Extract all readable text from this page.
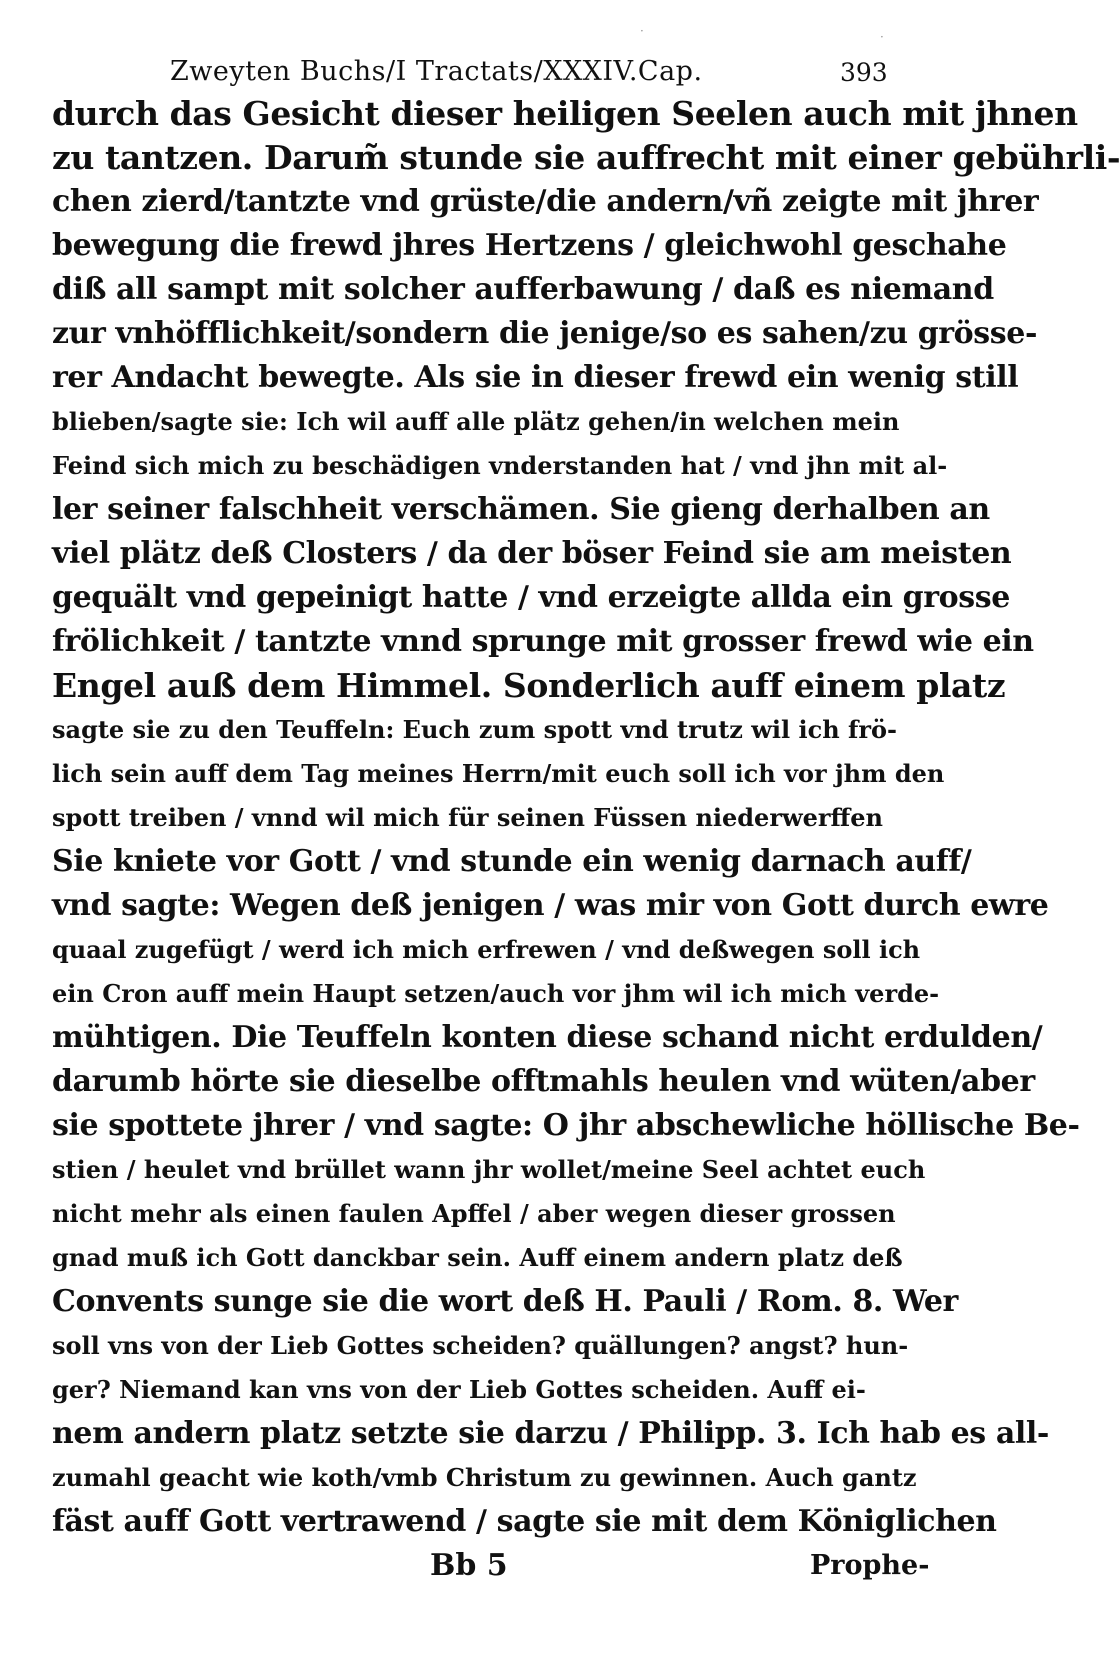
Zweyten Buchs/I Tractats/XXXIV.Cap.	393
durch das Gesicht dieser heiligen Seelen auch mit jhnen
zu tantzen. Darum̃ stunde sie auffrecht mit einer gebührli-
chen zierd/tantzte vnd grüste/die andern/vñ zeigte mit jhrer
bewegung die frewd jhres Hertzens / gleichwohl geschahe
diß all sampt mit solcher aufferbawung / daß es niemand
zur vnhöfflichkeit/sondern die jenige/so es sahen/zu grösse-
rer Andacht bewegte. Als sie in dieser frewd ein wenig still
blieben/sagte sie: Ich wil auff alle plätz gehen/in welchen mein
Feind sich mich zu beschädigen vnderstanden hat / vnd jhn mit al-
ler seiner falschheit verschämen. Sie gieng derhalben an
viel plätz deß Closters / da der böser Feind sie am meisten
gequält vnd gepeinigt hatte / vnd erzeigte allda ein grosse
frölichkeit / tantzte vnnd sprunge mit grosser frewd wie ein
Engel auß dem Himmel. Sonderlich auff einem platz
sagte sie zu den Teuffeln: Euch zum spott vnd trutz wil ich frö-
lich sein auff dem Tag meines Herrn/mit euch soll ich vor jhm den
spott treiben / vnnd wil mich für seinen Füssen niederwerffen
Sie kniete vor Gott / vnd stunde ein wenig darnach auff/
vnd sagte: Wegen deß jenigen / was mir von Gott durch ewre
quaal zugefügt / werd ich mich erfrewen / vnd deßwegen soll ich
ein Cron auff mein Haupt setzen/auch vor jhm wil ich mich verde-
mühtigen. Die Teuffeln konten diese schand nicht erdulden/
darumb hörte sie dieselbe offtmahls heulen vnd wüten/aber
sie spottete jhrer / vnd sagte: O jhr abschewliche höllische Be-
stien / heulet vnd brüllet wann jhr wollet/meine Seel achtet euch
nicht mehr als einen faulen Apffel / aber wegen dieser grossen
gnad muß ich Gott danckbar sein. Auff einem andern platz deß
Convents sunge sie die wort deß H. Pauli / Rom. 8. Wer
soll vns von der Lieb Gottes scheiden? quällungen? angst? hun-
ger? Niemand kan vns von der Lieb Gottes scheiden. Auff ei-
nem andern platz setzte sie darzu / Philipp. 3. Ich hab es all-
zumahl geacht wie koth/vmb Christum zu gewinnen. Auch gantz
fäst auff Gott vertrawend / sagte sie mit dem Königlichen
Bb 5	Prophe-
·
·
